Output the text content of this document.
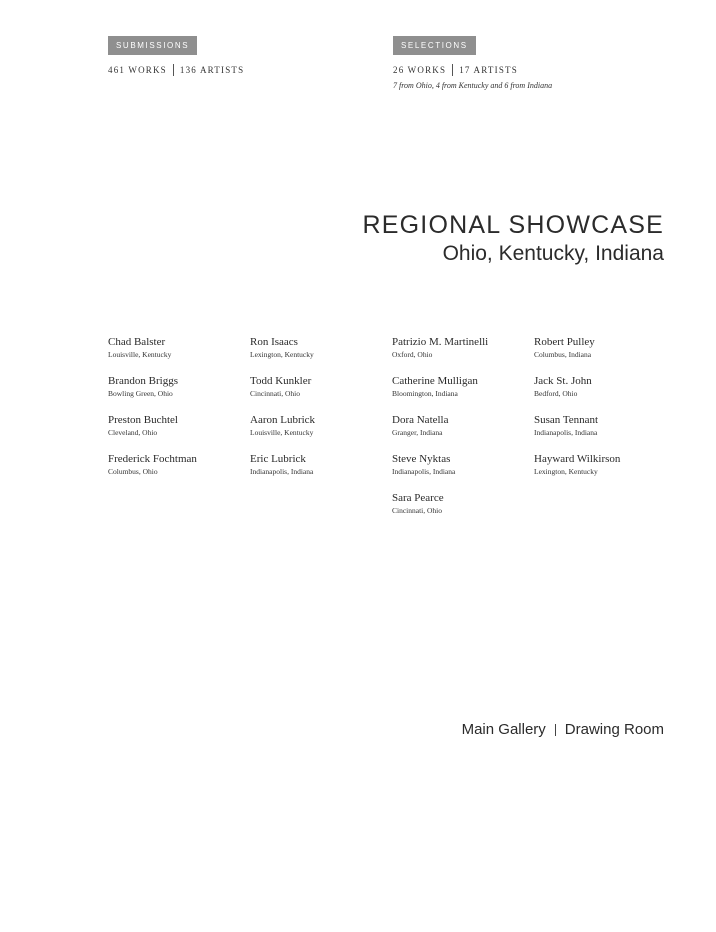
SUBMISSIONS
461 WORKS 136 ARTISTS
SELECTIONS
26 WORKS 17 ARTISTS
7 from Ohio, 4 from Kentucky and 6 from Indiana
REGIONAL SHOWCASE
Ohio, Kentucky, Indiana
Chad Balster
Louisville, Kentucky
Brandon Briggs
Bowling Green, Ohio
Preston Buchtel
Cleveland, Ohio
Frederick Fochtman
Columbus, Ohio
Ron Isaacs
Lexington, Kentucky
Todd Kunkler
Cincinnati, Ohio
Aaron Lubrick
Louisville, Kentucky
Eric Lubrick
Indianapolis, Indiana
Patrizio M. Martinelli
Oxford, Ohio
Catherine Mulligan
Bloomington, Indiana
Dora Natella
Granger, Indiana
Steve Nyktas
Indianapolis, Indiana
Sara Pearce
Cincinnati, Ohio
Robert Pulley
Columbus, Indiana
Jack St. John
Bedford, Ohio
Susan Tennant
Indianapolis, Indiana
Hayward Wilkirson
Lexington, Kentucky
Main Gallery Drawing Room
